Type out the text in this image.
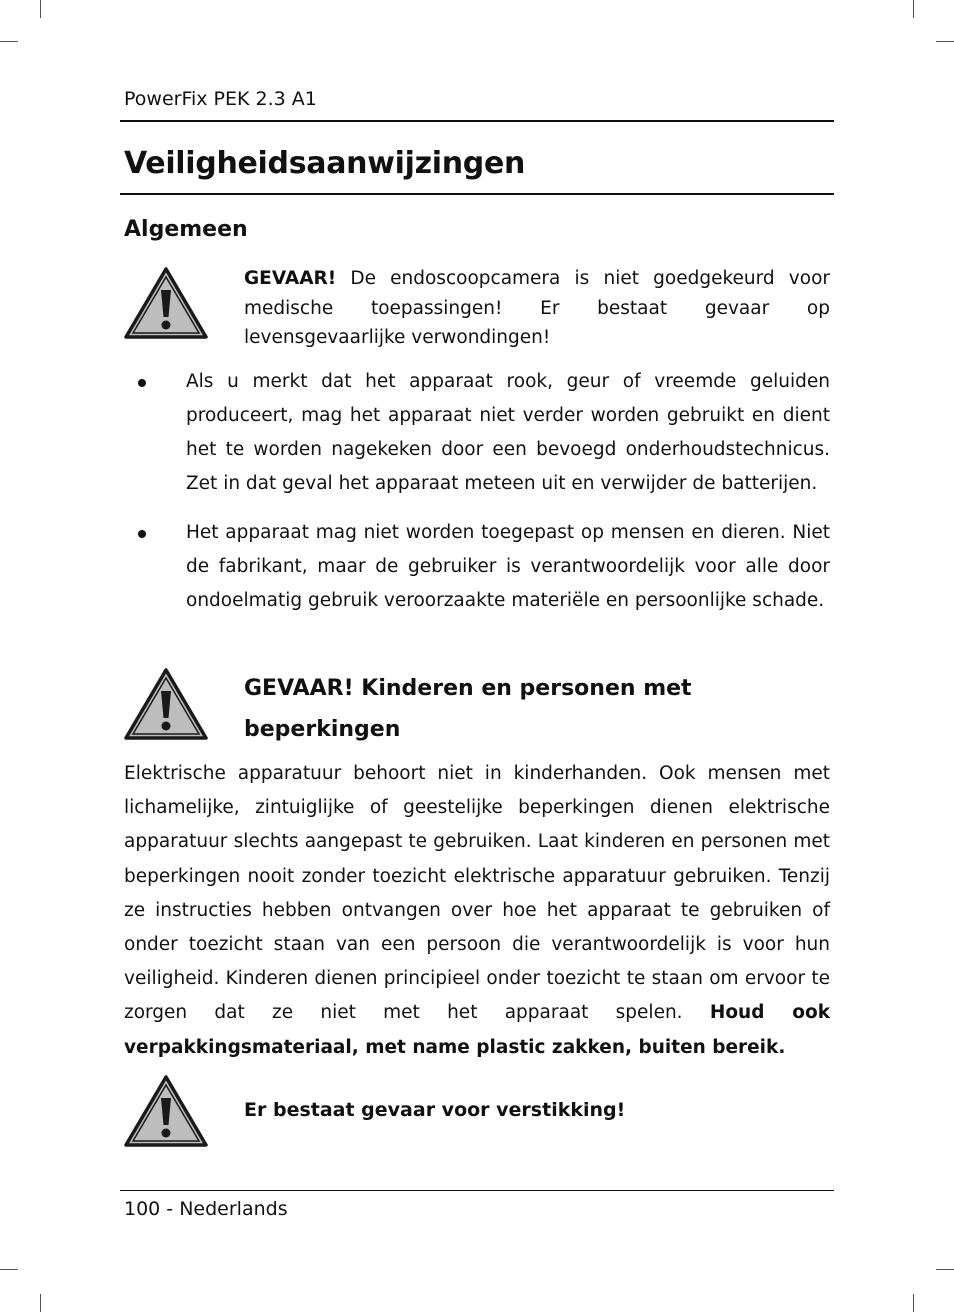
PowerFix PEK 2.3 A1
Veiligheidsaanwijzingen
Algemeen

GEVAAR! De endoscoopcamera is niet goedgekeurd voor medische toepassingen! Er bestaat gevaar op levensgevaarlijke verwondingen!

Als u merkt dat het apparaat rook, geur of vreemde geluiden produceert, mag het apparaat niet verder worden gebruikt en dient het te worden nagekeken door een bevoegd onderhoudstechnicus. Zet in dat geval het apparaat meteen uit en verwijder de batterijen.
Het apparaat mag niet worden toegepast op mensen en dieren. Niet de fabrikant, maar de gebruiker is verantwoordelijk voor alle door ondoelmatig gebruik veroorzaakte materiële en persoonlijke schade.
GEVAAR! Kinderen en personen met beperkingen

Elektrische apparatuur behoort niet in kinderhanden. Ook mensen met lichamelijke, zintuiglijke of geestelijke beperkingen dienen elektrische apparatuur slechts aangepast te gebruiken. Laat kinderen en personen met beperkingen nooit zonder toezicht elektrische apparatuur gebruiken. Tenzij ze instructies hebben ontvangen over hoe het apparaat te gebruiken of onder toezicht staan van een persoon die verantwoordelijk is voor hun veiligheid. Kinderen dienen principieel onder toezicht te staan om ervoor te zorgen dat ze niet met het apparaat spelen. Houd ook verpakkingsmateriaal, met name plastic zakken, buiten bereik.

Er bestaat gevaar voor verstikking!

100 - Nederlands
